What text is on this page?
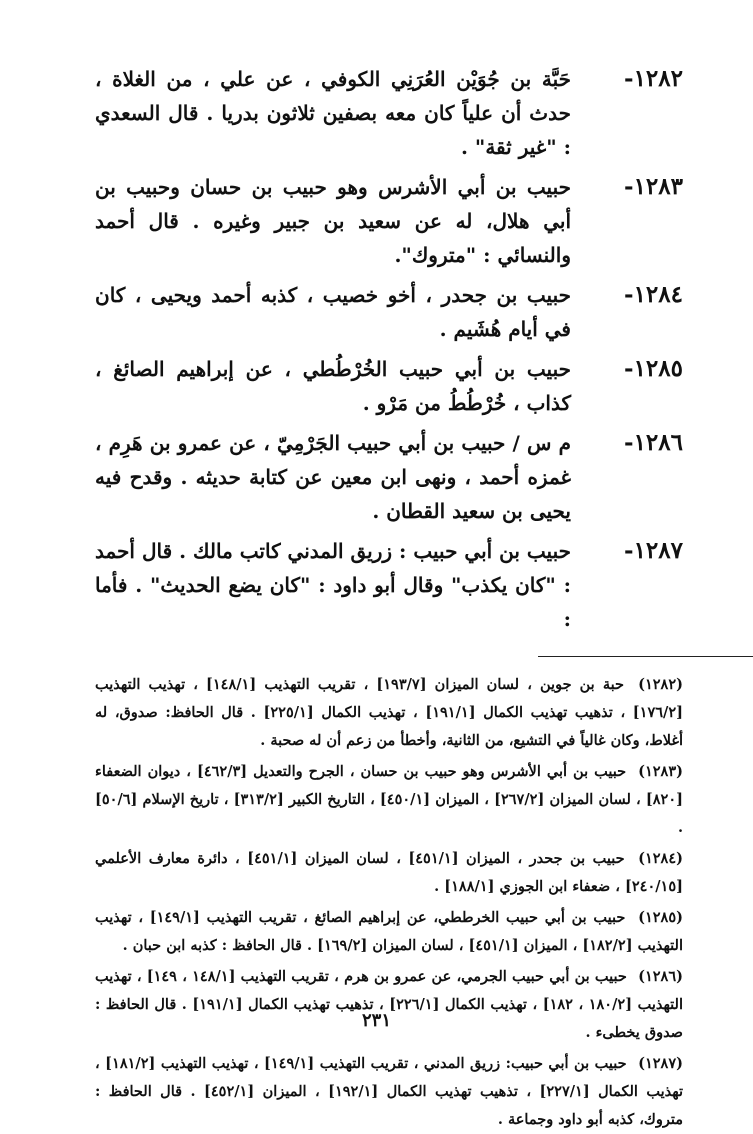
١٢٨٢-
حَبَّة بن جُوَيْن العُرَنِي الكوفي ، عن علي ، من الغلاة ، حدث أن علياً كان معه بصفين ثلاثون بدريا . قال السعدي : "غير ثقة" .
١٢٨٣-
حبيب بن أبي الأشرس وهو حبيب بن حسان وحبيب بن أبي هلال، له عن سعيد بن جبير وغيره . قال أحمد والنسائي : "متروك".
١٢٨٤-
حبيب بن جحدر ، أخو خصيب ، كذبه أحمد ويحيى ، كان في أيام هُشَيم .
١٢٨٥-
حبيب بن أبي حبيب الخُرْطُطي ، عن إبراهيم الصائغ ، كذاب ، خُرْطُطُ من مَرْو .
١٢٨٦-
م س / حبيب بن أبي حبيب الجَرْمِيّ ، عن عمرو بن هَرِم ، غمزه أحمد ، ونهى ابن معين عن كتابة حديثه . وقدح فيه يحيى بن سعيد القطان .
١٢٨٧-
حبيب بن أبي حبيب : زريق المدني كاتب مالك . قال أحمد : "كان يكذب" وقال أبو داود : "كان يضع الحديث" . فأما :
(١٢٨٢) حبة بن جوين ، لسان الميزان [١٩٣/٧] ، تقريب التهذيب [١٤٨/١] ، تهذيب التهذيب [١٧٦/٢] ، تذهيب تهذيب الكمال [١٩١/١] ، تهذيب الكمال [٢٢٥/١] . قال الحافظ: صدوق، له أغلاط، وكان غالياً في التشيع، من الثانية، وأخطأ من زعم أن له صحبة .
(١٢٨٣) حبيب بن أبي الأشرس وهو حبيب بن حسان ، الجرح والتعديل [٤٦٢/٣] ، ديوان الضعفاء [٨٢٠] ، لسان الميزان [٢٦٧/٢] ، الميزان [٤٥٠/١] ، التاريخ الكبير [٣١٣/٢] ، تاريخ الإسلام [٥٠/٦] .
(١٢٨٤) حبيب بن جحدر ، الميزان [٤٥١/١] ، لسان الميزان [٤٥١/١] ، دائرة معارف الأعلمي [٢٤٠/١٥] ، ضعفاء ابن الجوزي [١٨٨/١] .
(١٢٨٥) حبيب بن أبي حبيب الخرططي، عن إبراهيم الصائغ ، تقريب التهذيب [١٤٩/١] ، تهذيب التهذيب [١٨٢/٢] ، الميزان [٤٥١/١] ، لسان الميزان [١٦٩/٢] . قال الحافظ : كذبه ابن حبان .
(١٢٨٦) حبيب بن أبي حبيب الجرمي، عن عمرو بن هرم ، تقريب التهذيب [١٤٨/١ ، ١٤٩] ، تهذيب التهذيب [١٨٠/٢ ، ١٨٢] ، تهذيب الكمال [٢٢٦/١] ، تذهيب تهذيب الكمال [١٩١/١] . قال الحافظ : صدوق يخطىء .
(١٢٨٧) حبيب بن أبي حبيب: زريق المدني ، تقريب التهذيب [١٤٩/١] ، تهذيب التهذيب [١٨١/٢] ، تهذيب الكمال [٢٢٧/١] ، تذهيب تهذيب الكمال [١٩٢/١] ، الميزان [٤٥٢/١] . قال الحافظ : متروك، كذبه أبو داود وجماعة .
٢٣١
